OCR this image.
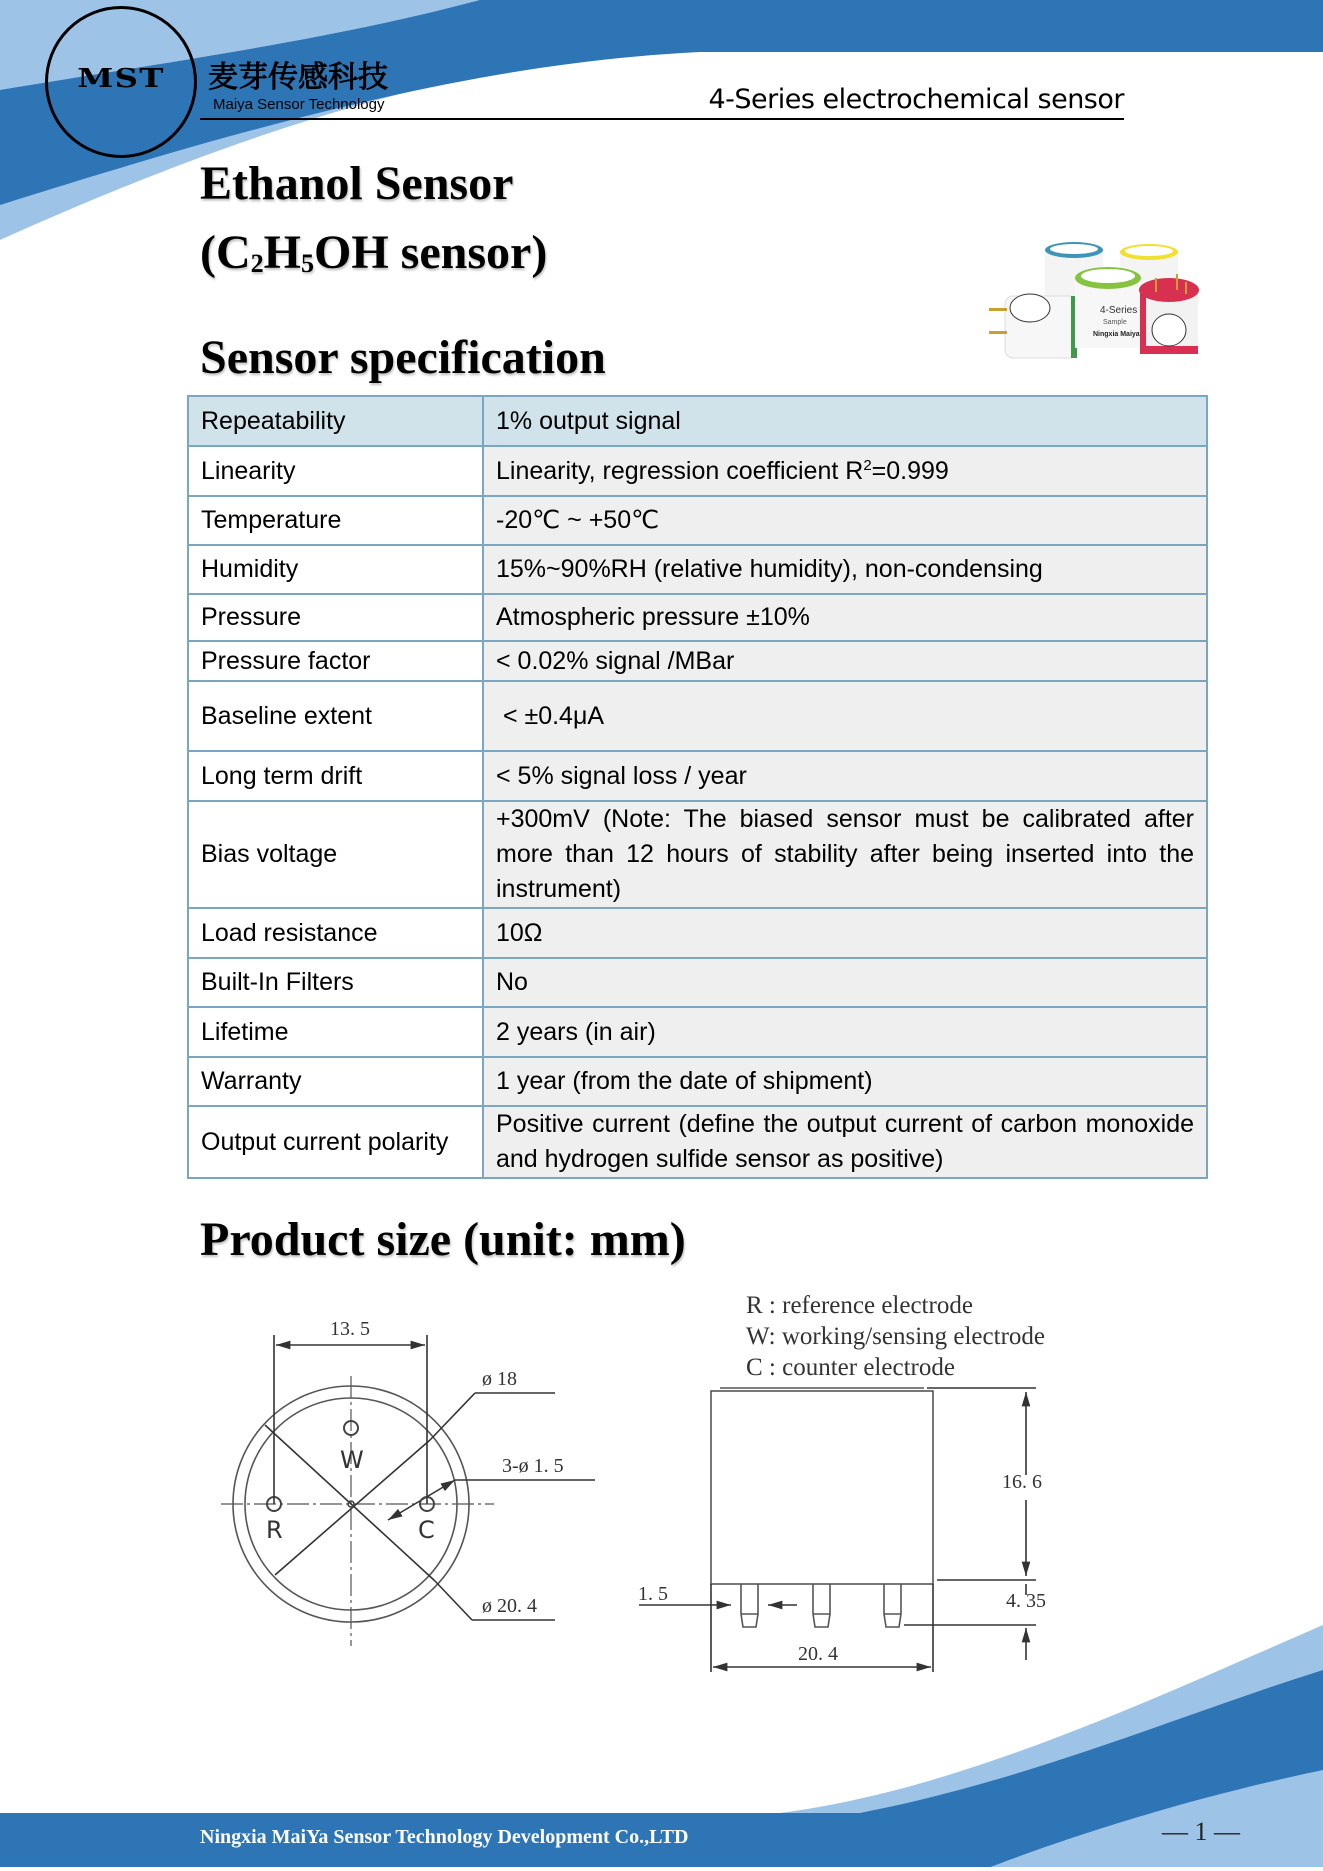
MST	麦芽传感科技
Maiya Sensor Technology	4-Series electrochemical sensor
Ethanol Sensor
($C_2H_5OH$ sensor)
4-Series
Sample
Ningxia Maiya
Sensor specification
Repeatability	1% output signal
Linearity	Linearity, regression coefficient $R^2=0.999$
Temperature	-20℃ ~ +50℃
Humidity	15%~90%RH (relative humidity), non-condensing
Pressure	Atmospheric pressure ±10%
Pressure factor	< 0.02% signal /MBar
Baseline extent	< ±0.4μA
Long term drift	< 5% signal loss / year
Bias voltage	+300mV (Note: The biased sensor must be calibrated after more than 12 hours of stability after being inserted into the instrument)
Load resistance	10Ω
Built-In Filters	No
Lifetime	2 years (in air)
Warranty	1 year (from the date of shipment)
Output current polarity	Positive current (define the output current of carbon monoxide and hydrogen sulfide sensor as positive)
Product size (unit: mm)
R : reference electrode
W: working/sensing electrode
C : counter electrode
13. 5
ø 18
3-ø 1. 5
ø 20. 4
W
R	C
16. 6
4. 35
1. 5
20. 4
Ningxia MaiYa Sensor Technology Development Co.,LTD	— 1 —
